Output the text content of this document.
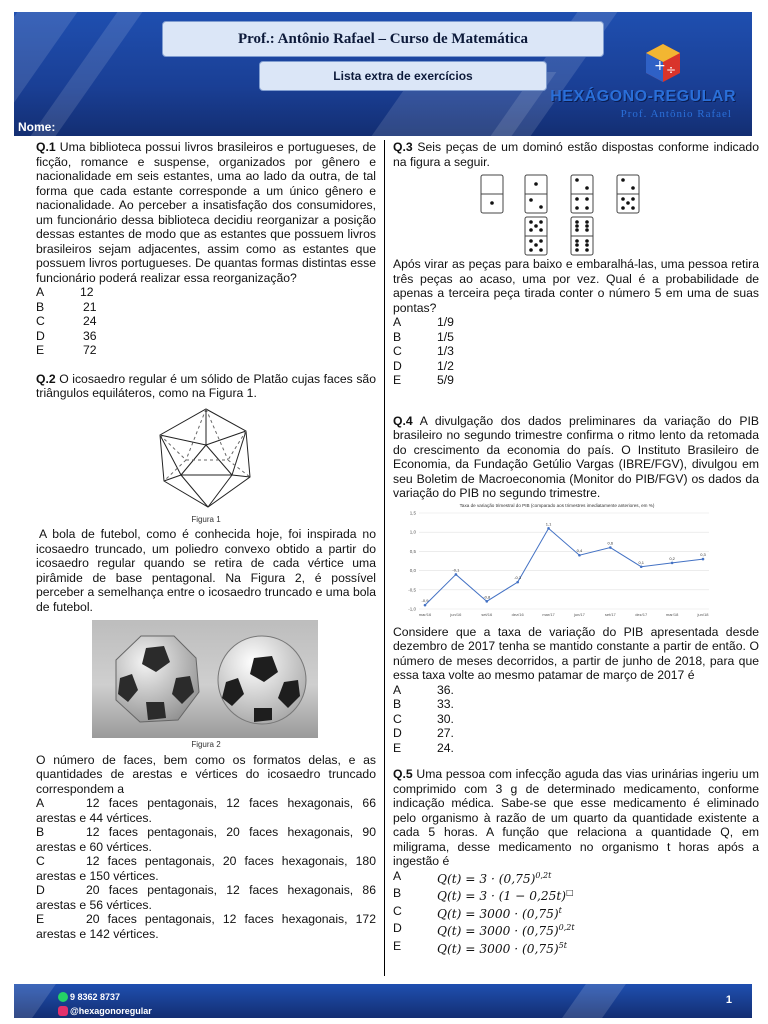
Prof.: Antônio Rafael – Curso de Matemática
Lista extra de exercícios
Nome:
+ ÷
HEXÁGONO-REGULAR
Prof. Antônio Rafael
Q.1 Uma biblioteca possui livros brasileiros e portugueses, de ficção, romance e suspense, organizados por gênero e nacionalidade em seis estantes, uma ao lado da outra, de tal forma que cada estante corresponde a um único gênero e nacionalidade. Ao perceber a insatisfação dos consumidores, um funcionário dessa biblioteca decidiu reorganizar a posição dessas estantes de modo que as estantes que possuem livros brasileiros sejam adjacentes, assim como as estantes que possuem livros portugueses. De quantas formas distintas esse funcionário poderá realizar essa reorganização?
A	12
B	21
C	24
D	36
E	72
Q.2 O icosaedro regular é um sólido de Platão cujas faces são triângulos equiláteros, como na Figura 1.
Figura 1
A bola de futebol, como é conhecida hoje, foi inspirada no icosaedro truncado, um poliedro convexo obtido a partir do icosaedro regular quando se retira de cada vértice uma pirâmide de base pentagonal. Na Figura 2, é possível perceber a semelhança entre o icosaedro truncado e uma bola de futebol.
Figura 2
O número de faces, bem como os formatos delas, e as quantidades de arestas e vértices do icosaedro truncado correspondem a
A	12 faces pentagonais, 12 faces hexagonais, 66 arestas e 44 vértices.
B	12 faces pentagonais, 20 faces hexagonais, 90 arestas e 60 vértices.
C	12 faces pentagonais, 20 faces hexagonais, 180 arestas e 150 vértices.
D	20 faces pentagonais, 12 faces hexagonais, 86 arestas e 56 vértices.
E	20 faces pentagonais, 12 faces hexagonais, 172 arestas e 142 vértices.
Q.3 Seis peças de um dominó estão dispostas conforme indicado na figura a seguir.
Após virar as peças para baixo e embaralhá-las, uma pessoa retira três peças ao acaso, uma por vez. Qual é a probabilidade de apenas a terceira peça tirada conter o número 5 em uma de suas pontas?
A	1/9
B	1/5
C	1/3
D	1/2
E	5/9
Q.4 A divulgação dos dados preliminares da variação do PIB brasileiro no segundo trimestre confirma o ritmo lento da retomada do crescimento da economia do país. O Instituto Brasileiro de Economia, da Fundação Getúlio Vargas (IBRE/FGV), divulgou em seu Boletim de Macroeconomia (Monitor do PIB/FGV) os dados da variação do PIB no segundo trimestre.
Taxa de variação trimestral do PIB (comparado aos trimestres imediatamente anteriores, em %)
1,5
1,0
0,5
0,0
-0,5
-1,0
mar/16	jun/16	set/16	dez/16	mar/17	jun/17	set/17	dez/17	mar/18	jun/18
-0,9
-0,1
-0,8
-0,3
1,1
0,4
0,6
0,1
0,2
0,3
Considere que a taxa de variação do PIB apresentada desde dezembro de 2017 tenha se mantido constante a partir de então. O número de meses decorridos, a partir de junho de 2018, para que essa taxa volte ao mesmo patamar de março de 2017 é
A	36.
B	33.
C	30.
D	27.
E	24.
Q.5 Uma pessoa com infecção aguda das vias urinárias ingeriu um comprimido com 3 g de determinado medicamento, conforme indicação médica. Sabe-se que esse medicamento é eliminado pelo organismo à razão de um quarto da quantidade existente a cada 5 horas. A função que relaciona a quantidade Q, em miligrama, desse medicamento no organismo t horas após a ingestão é
A	$Q(t) = 3 \cdot (0,75)^{0,2t}$
B	Q(t) = 3 · (1 − 0,25t)□
C	$Q(t) = 3000 \cdot (0,75)^t$
D	$Q(t) = 3000 \cdot (0,75)^{0,2t}$
E	$Q(t) = 3000 \cdot (0,75)^{5t}$
9 8362 8737
@hexagonoregular
1
